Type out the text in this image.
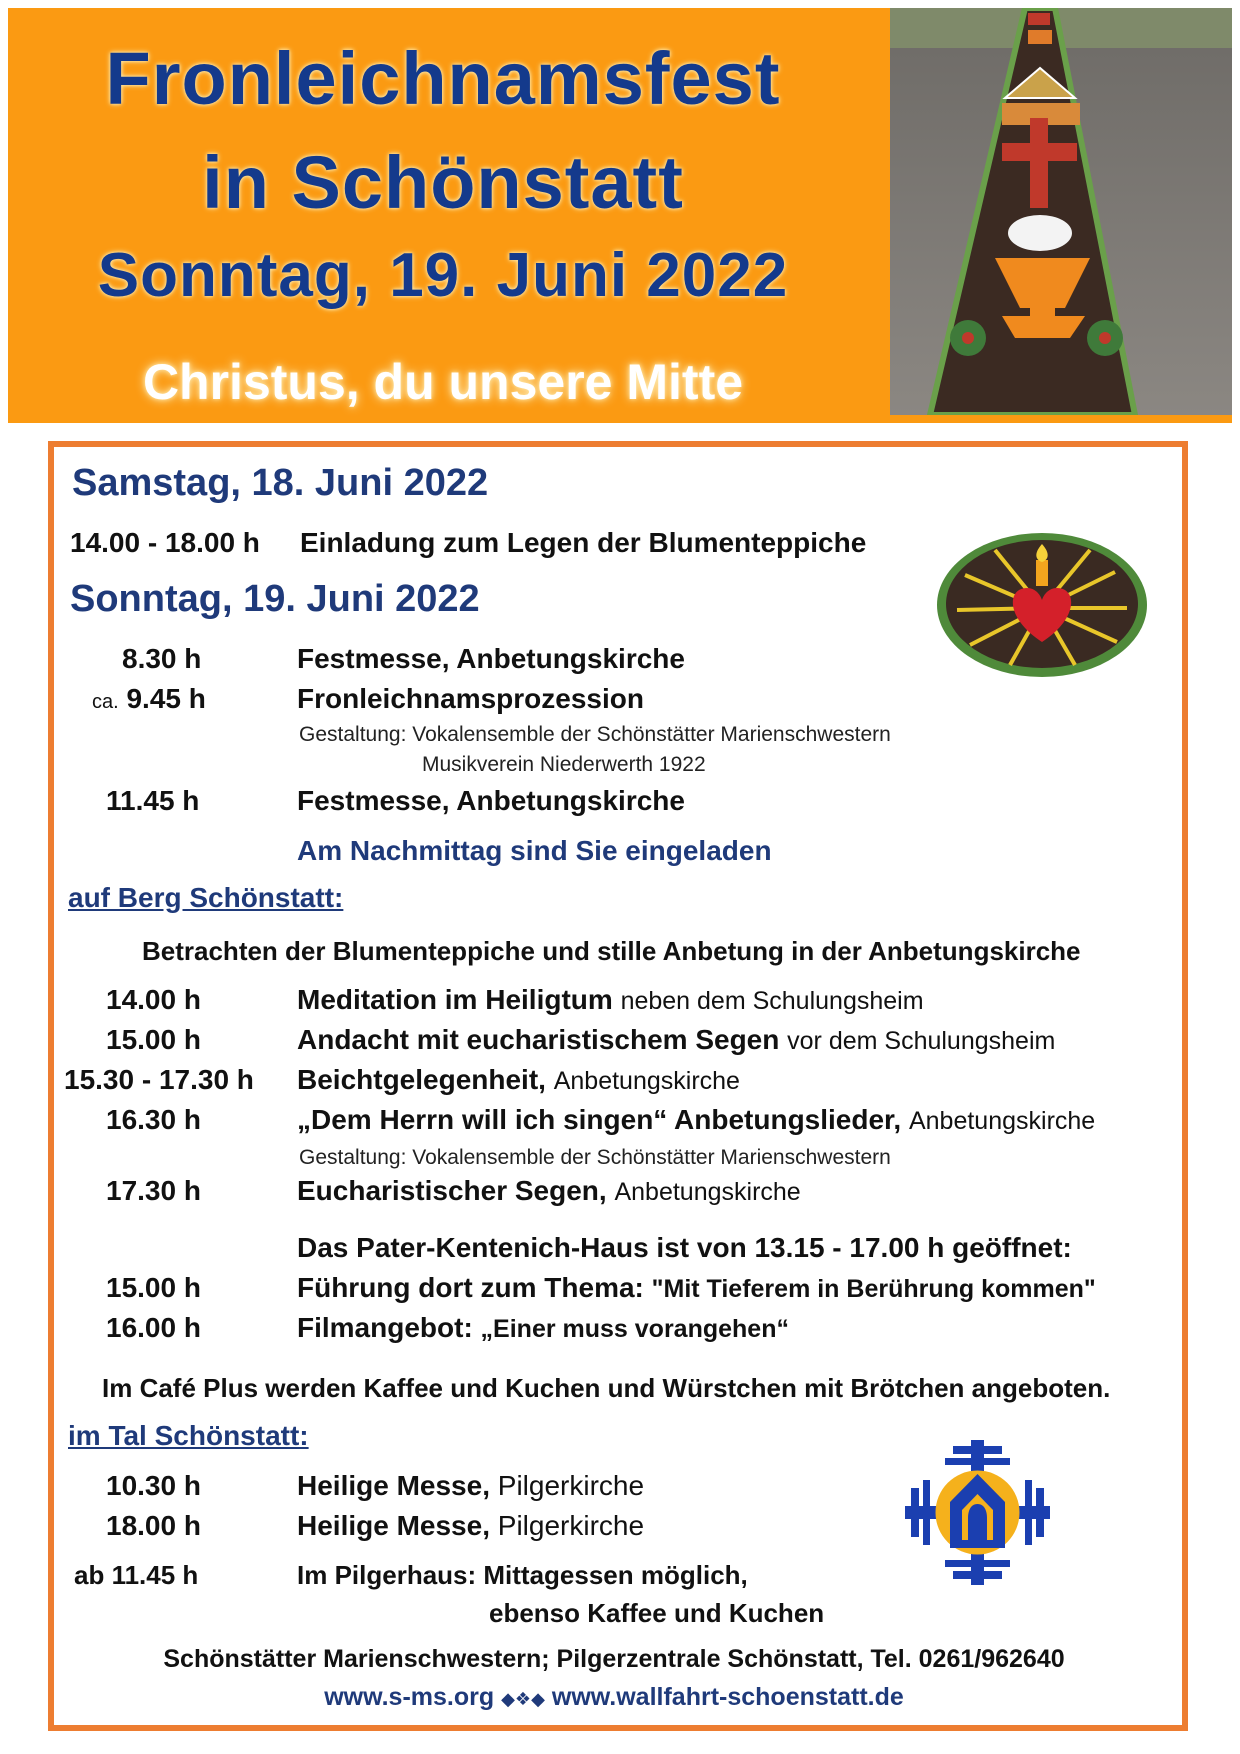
Fronleichnamsfest
in Schönstatt
Sonntag, 19. Juni 2022
Christus, du unsere Mitte
Samstag, 18. Juni 2022
14.00 - 18.00 h Einladung zum Legen der Blumenteppiche
Sonntag, 19. Juni 2022
8.30 h	Festmesse, Anbetungskirche
ca. 9.45 h	Fronleichnamsprozession
Gestaltung: Vokalensemble der Schönstätter Marienschwestern
Musikverein Niederwerth 1922
11.45 h	Festmesse, Anbetungskirche
Am Nachmittag sind Sie eingeladen
auf Berg Schönstatt:
Betrachten der Blumenteppiche und stille Anbetung in der Anbetungskirche
14.00 h	Meditation im Heiligtum neben dem Schulungsheim
15.00 h	Andacht mit eucharistischem Segen vor dem Schulungsheim
15.30 - 17.30 h Beichtgelegenheit, Anbetungskirche
16.30 h	„Dem Herrn will ich singen“ Anbetungslieder, Anbetungskirche
Gestaltung: Vokalensemble der Schönstätter Marienschwestern
17.30 h	Eucharistischer Segen, Anbetungskirche
Das Pater-Kentenich-Haus ist von 13.15 - 17.00 h geöffnet:
15.00 h	Führung dort zum Thema: "Mit Tieferem in Berührung kommen"
16.00 h	Filmangebot: „Einer muss vorangehen“
Im Café Plus werden Kaffee und Kuchen und Würstchen mit Brötchen angeboten.
im Tal Schönstatt:
10.30 h	Heilige Messe, Pilgerkirche
18.00 h	Heilige Messe, Pilgerkirche
ab 11.45 h	Im Pilgerhaus: Mittagessen möglich,
ebenso Kaffee und Kuchen
Schönstätter Marienschwestern; Pilgerzentrale Schönstatt, Tel. 0261/962640
www.s-ms.org ◆❖◆ www.wallfahrt-schoenstatt.de
